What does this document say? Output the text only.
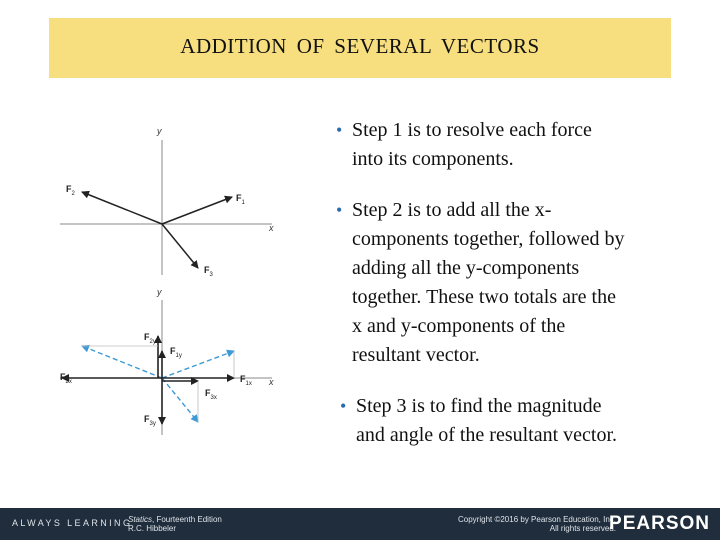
ADDITION OF SEVERAL VECTORS
y
x
$F_1$
$F_2$
$F_3$
y
x
$F_{1x}$
$F_{1y}$
$F_{2x}$
$F_{2y}$
$F_{3x}$
$F_{3y}$
• Step 1 is to resolve each force
into its components.
• Step 2 is to add all the x-
components together, followed by
adding all the y-components
together. These two totals are the
x and y-components of the
resultant vector.
• Step 3 is to find the magnitude
and angle of the resultant vector.
ALWAYS LEARNING
Statics, Fourteenth Edition
R.C. Hibbeler
Copyright ©2016 by Pearson Education, Inc.
All rights reserved.
PEARSON
